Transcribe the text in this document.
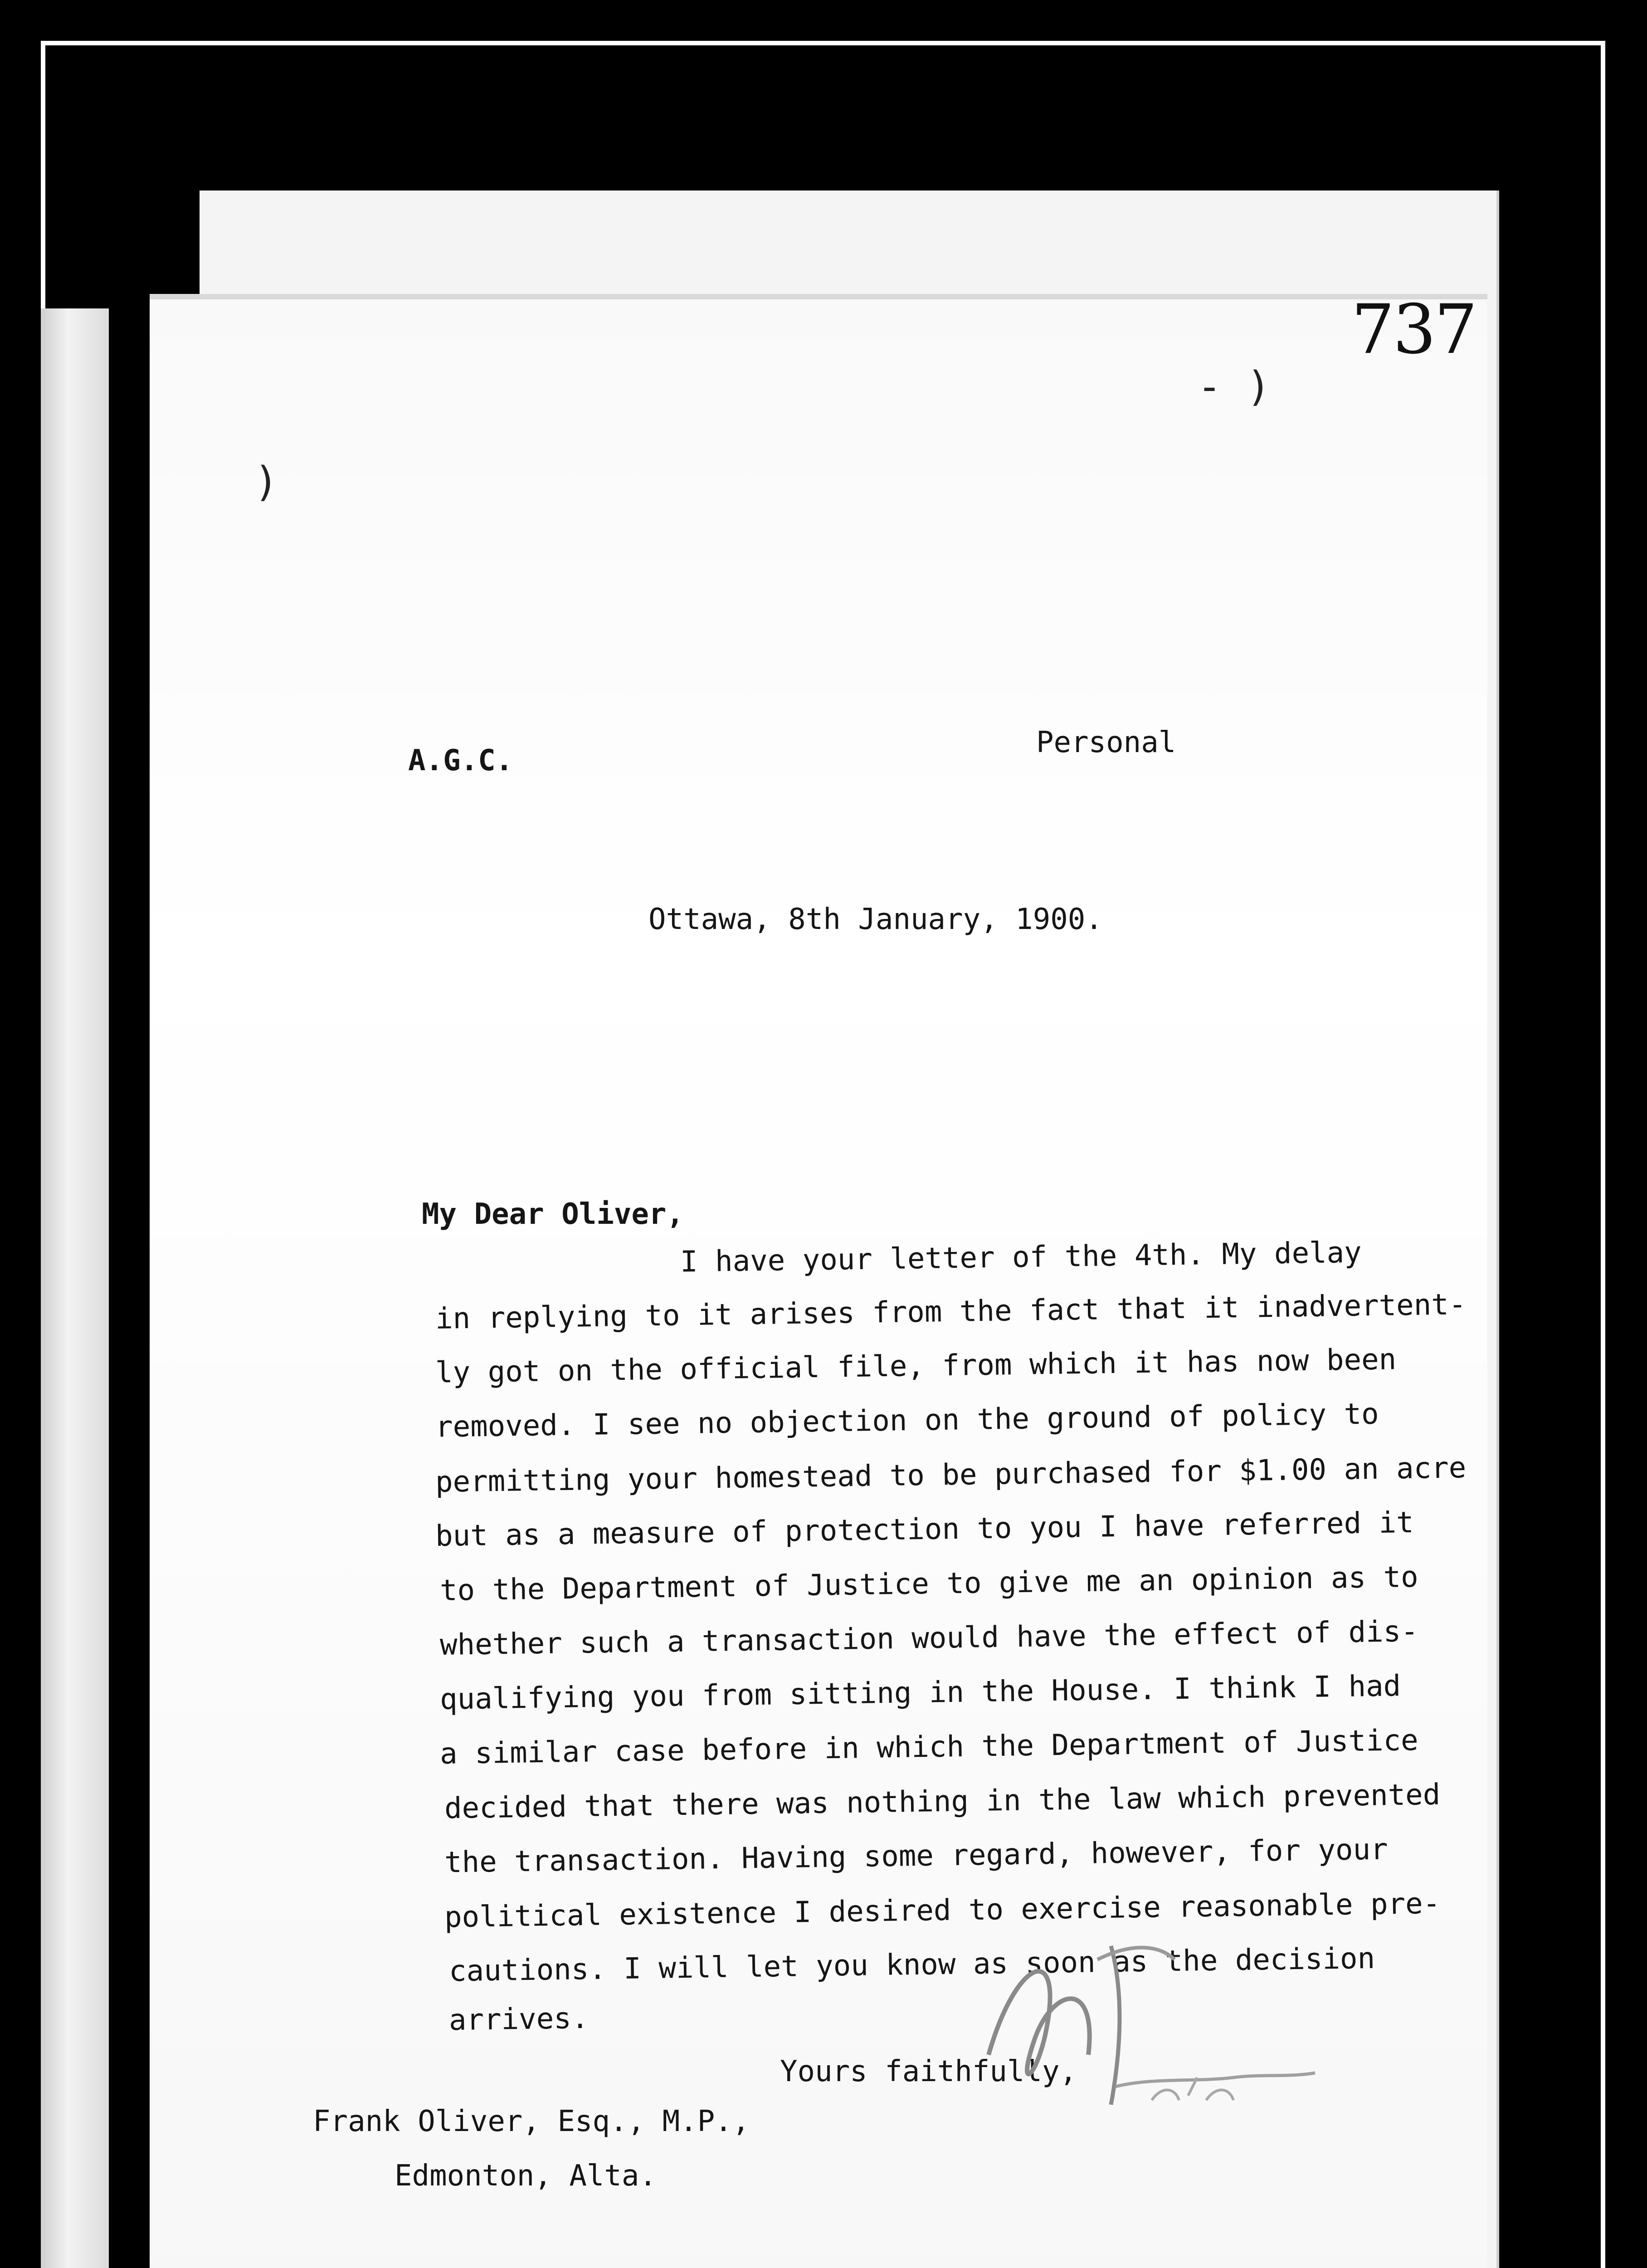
737
- )
)
A.G.C.
Personal
Ottawa, 8th January, 1900.
My Dear Oliver,
I have your letter of the 4th. My delay
in replying to it arises from the fact that it inadvertent-
ly got on the official file, from which it has now been
removed. I see no objection on the ground of policy to
permitting your homestead to be purchased for $1.00 an acre
but as a measure of protection to you I have referred it
to the Department of Justice to give me an opinion as to
whether such a transaction would have the effect of dis-
qualifying you from sitting in the House. I think I had
a similar case before in which the Department of Justice
decided that there was nothing in the law which prevented
the transaction. Having some regard, however, for your
political existence I desired to exercise reasonable pre-
cautions. I will let you know as soon as the decision
arrives.
Yours faithfully,
Frank Oliver, Esq., M.P.,
Edmonton, Alta.
